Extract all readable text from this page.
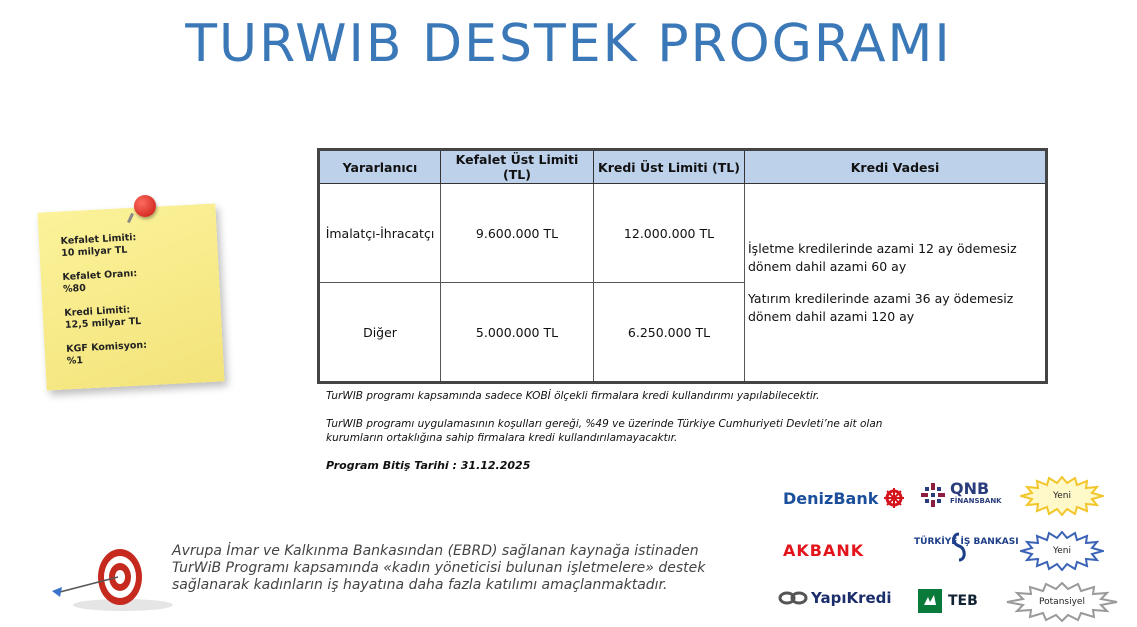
TURWIB DESTEK PROGRAMI
Kefalet Limiti:
10 milyar TL
Kefalet Oranı:
%80
Kredi Limiti:
12,5 milyar TL
KGF Komisyon:
%1
Yararlanıcı	Kefalet Üst Limiti (TL)	Kredi Üst Limiti (TL)	Kredi Vadesi
İmalatçı-İhracatçı	9.600.000 TL	12.000.000 TL	İşletme kredilerinde azami 12 ay ödemesiz dönem dahil azami 60 ay
Yatırım kredilerinde azami 36 ay ödemesiz dönem dahil azami 120 ay

Diğer	5.000.000 TL	6.250.000 TL	

TurWIB programı kapsamında sadece KOBİ ölçekli firmalara kredi kullandırımı yapılabilecektir.

TurWIB programı uygulamasının koşulları gereği, %49 ve üzerinde Türkiye Cumhuriyeti Devleti’ne ait olan kurumların ortaklığına sahip firmalara kredi kullandırılamayacaktır.

Program Bitiş Tarihi : 31.12.2025

Avrupa İmar ve Kalkınma Bankasından (EBRD) sağlanan kaynağa istinaden TurWiB Programı kapsamında «kadın yöneticisi bulunan işletmelere» destek sağlanarak kadınların iş hayatına daha fazla katılımı amaçlanmaktadır.
DenizBank	QNB
FİNANSBANK
AKBANK	TÜRKİYE İŞ BANKASI
YapıKredi	TEB
Yeni
Yeni
Potansiyel
